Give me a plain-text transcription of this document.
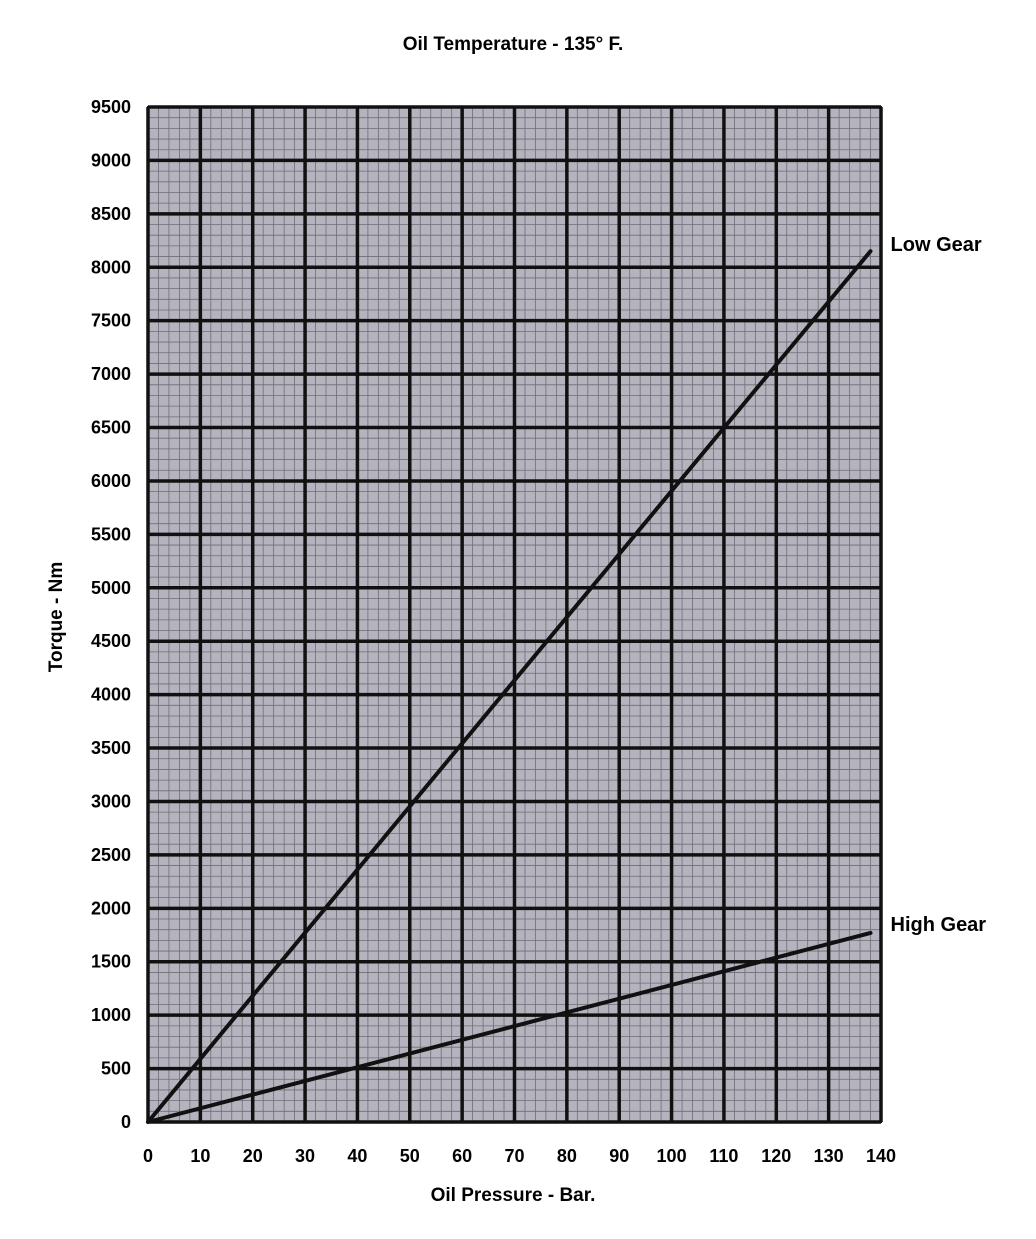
Oil Temperature - 135° F.
0
500
1000
1500
2000
2500
3000
3500
4000
4500
5000
5500
6000
6500
7000
7500
8000
8500
9000
9500
0 10 20 30 40 50 60 70 80 90 100 110 120 130 140
Low Gear
High Gear
Oil Pressure - Bar.
Torque - Nm
